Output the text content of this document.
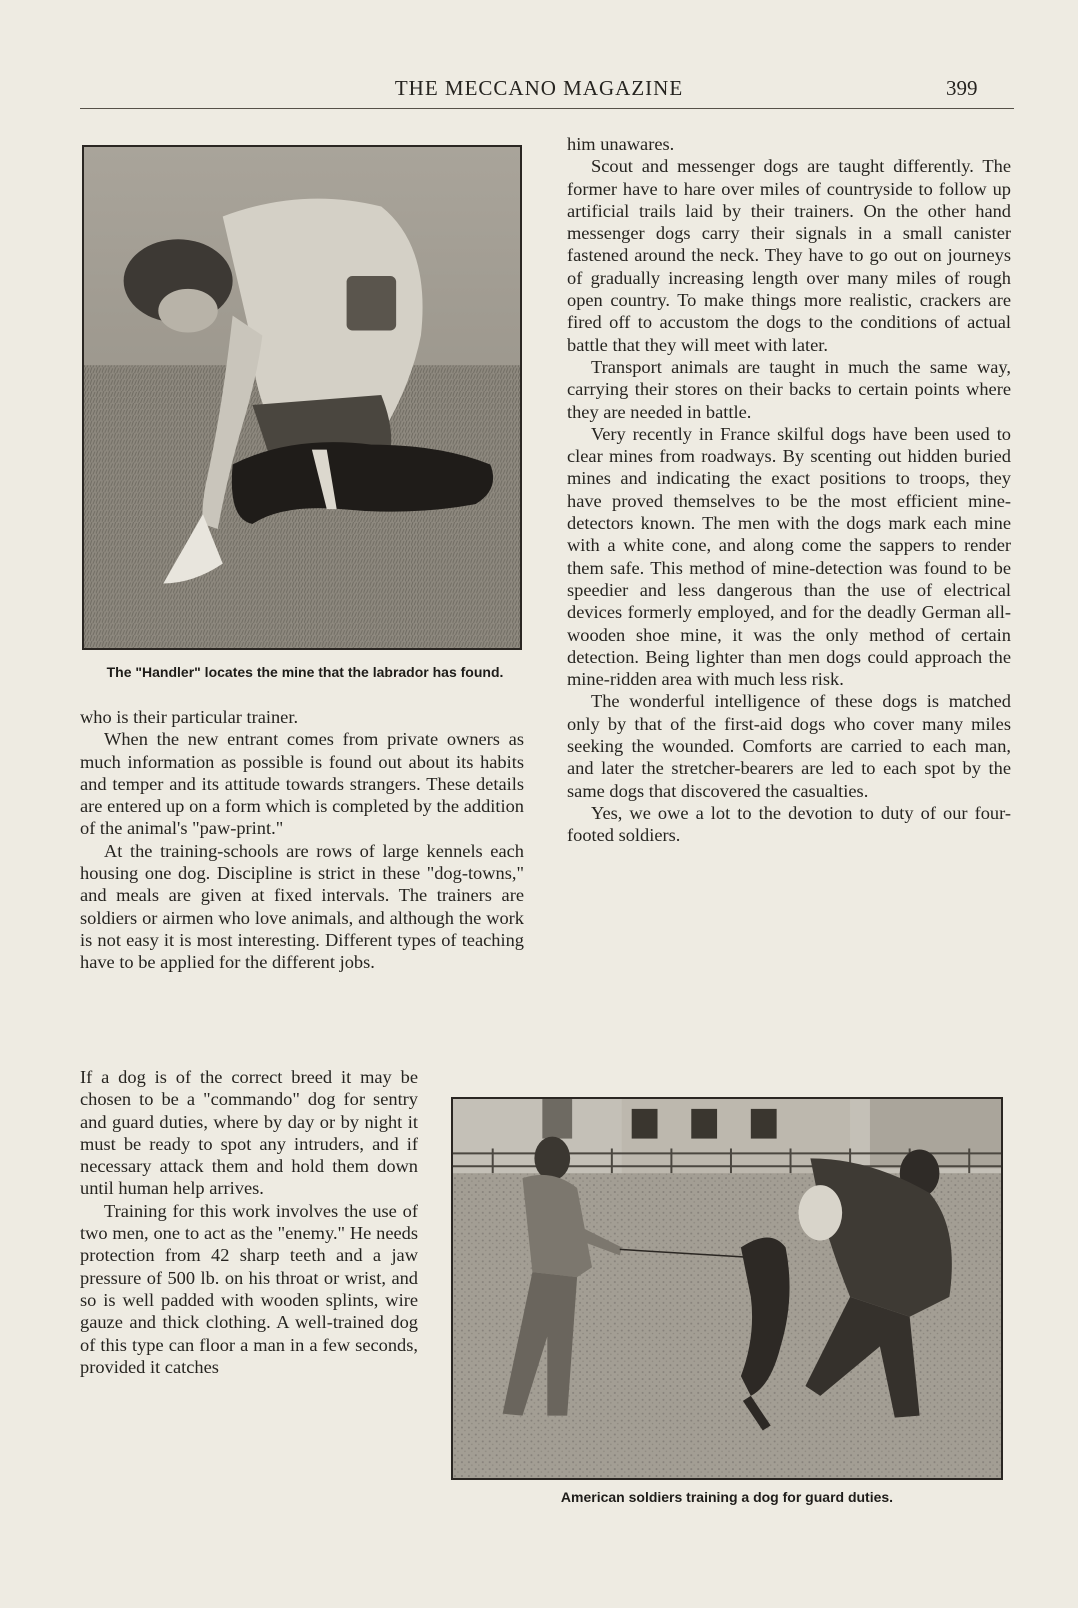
THE MECCANO MAGAZINE	399
The "Handler" locates the mine that the labrador has found.

who is their particular trainer.

When the new entrant comes from private owners as much information as possible is found out about its habits and temper and its attitude towards strangers. These details are entered up on a form which is completed by the addition of the animal's "paw-print."

At the training-schools are rows of large kennels each housing one dog. Discipline is strict in these "dog-towns," and meals are given at fixed intervals. The trainers are soldiers or airmen who love animals, and although the work is not easy it is most interesting. Different types of teaching have to be applied for the different jobs.

If a dog is of the correct breed it may be chosen to be a "commando" dog for sentry and guard duties, where by day or by night it must be ready to spot any intruders, and if necessary attack them and hold them down until human help arrives.

Training for this work involves the use of two men, one to act as the "enemy." He needs protection from 42 sharp teeth and a jaw pressure of 500 lb. on his throat or wrist, and so is well padded with wooden splints, wire gauze and thick clothing. A well-trained dog of this type can floor a man in a few seconds, provided it catches

him unawares.

Scout and messenger dogs are taught differently. The former have to hare over miles of countryside to follow up artificial trails laid by their trainers. On the other hand messenger dogs carry their signals in a small canister fastened around the neck. They have to go out on journeys of gradually increasing length over many miles of rough open country. To make things more realistic, crackers are fired off to accustom the dogs to the conditions of actual battle that they will meet with later.

Transport animals are taught in much the same way, carrying their stores on their backs to certain points where they are needed in battle.

Very recently in France skilful dogs have been used to clear mines from roadways. By scenting out hidden buried mines and indicating the exact positions to troops, they have proved themselves to be the most efficient mine-detectors known. The men with the dogs mark each mine with a white cone, and along come the sappers to render them safe. This method of mine-detection was found to be speedier and less dangerous than the use of electrical devices formerly employed, and for the deadly German all-wooden shoe mine, it was the only method of certain detection. Being lighter than men dogs could approach the mine-ridden area with much less risk.

The wonderful intelligence of these dogs is matched only by that of the first-aid dogs who cover many miles seeking the wounded. Comforts are carried to each man, and later the stretcher-bearers are led to each spot by the same dogs that discovered the casualties.

Yes, we owe a lot to the devotion to duty of our four-footed soldiers.

American soldiers training a dog for guard duties.
